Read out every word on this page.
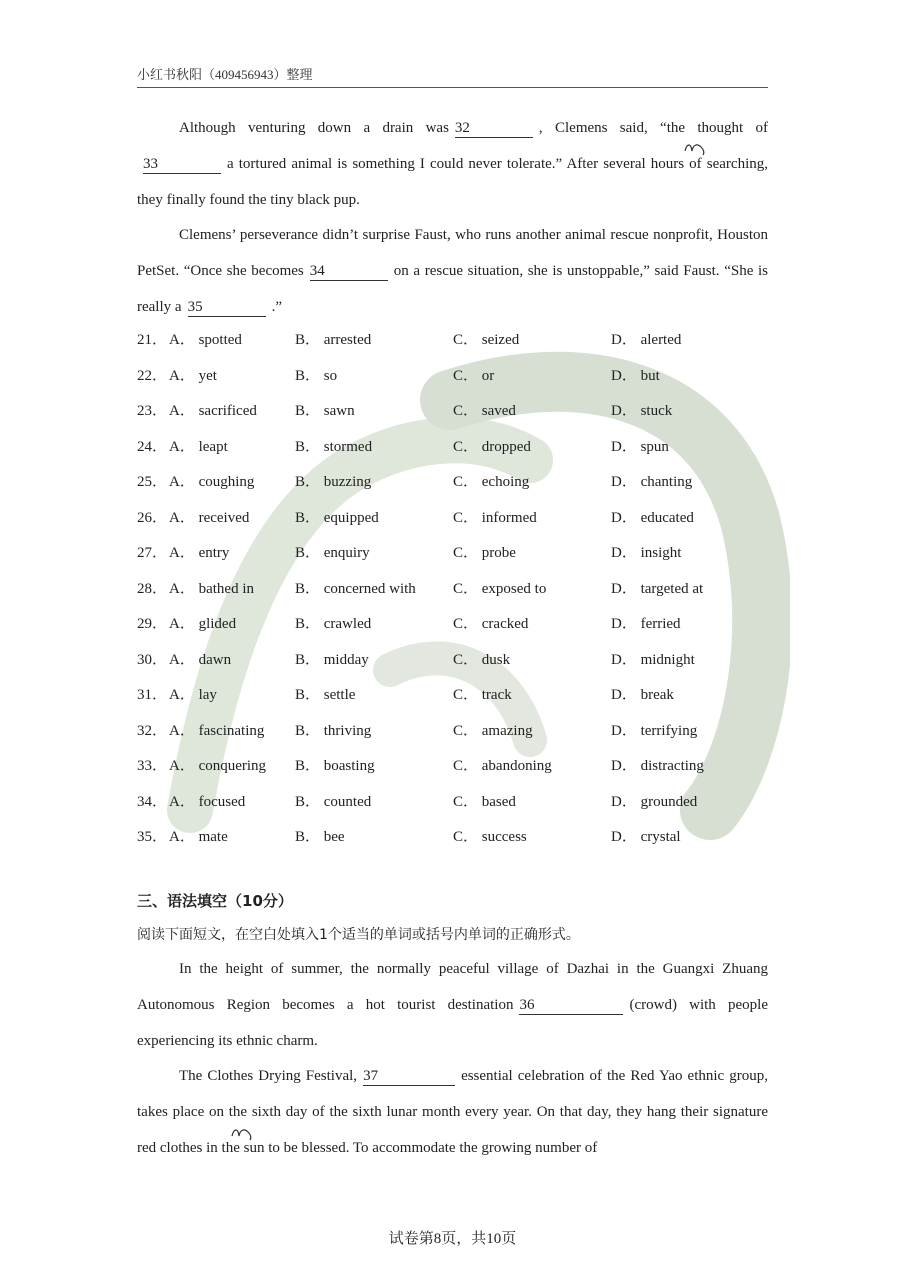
小红书秋阳（409456943）整理
Although venturing down a drain was 32	, Clemens said, “the thought of33	a tortured animal is something I could never tolerate.” After several hours of searching, they finally found the tiny black pup.
Clemens’ perseverance didn’t surprise Faust, who runs another animal rescue nonprofit, Houston PetSet. “Once she becomes 34	on a rescue situation, she is unstoppable,” said Faust. “She is really a 35	.”
21． A． spotted	B． arrested	C． seized	D． alerted
22． A． yet	B． so	C． or	D． but
23． A． sacrificed	B． sawn	C． saved	D． stuck
24． A． leapt	B． stormed	C． dropped	D． spun
25． A． coughing	B． buzzing	C． echoing	D． chanting
26． A． received	B． equipped	C． informed	D． educated
27． A． entry	B． enquiry	C． probe	D． insight
28． A． bathed in	B． concerned with C． exposed to	D． targeted at
29． A． glided	B． crawled	C． cracked	D． ferried
30． A． dawn	B． midday	C． dusk	D． midnight
31． A． lay	B． settle	C． track	D． break
32． A． fascinating B． thriving	C． amazing	D． terrifying
33． A． conquering B． boasting	C． abandoning	D． distracting
34． A． focused	B． counted	C． based	D． grounded
35． A． mate	B． bee	C． success	D． crystal
三、语法填空（10分）
阅读下面短文，在空白处填入1个适当的单词或括号内单词的正确形式。
In the height of summer, the normally peaceful village of Dazhai in the Guangxi Zhuang Autonomous Region becomes a hot tourist destination 36	(crowd) with people experiencing its ethnic charm.
The Clothes Drying Festival, 37	essential celebration of the Red Yao ethnic group, takes place on the sixth day of the sixth lunar month every year. On that day, they hang their signature red clothes in the sun to be blessed. To accommodate the growing number of
试卷第8页，共10页
